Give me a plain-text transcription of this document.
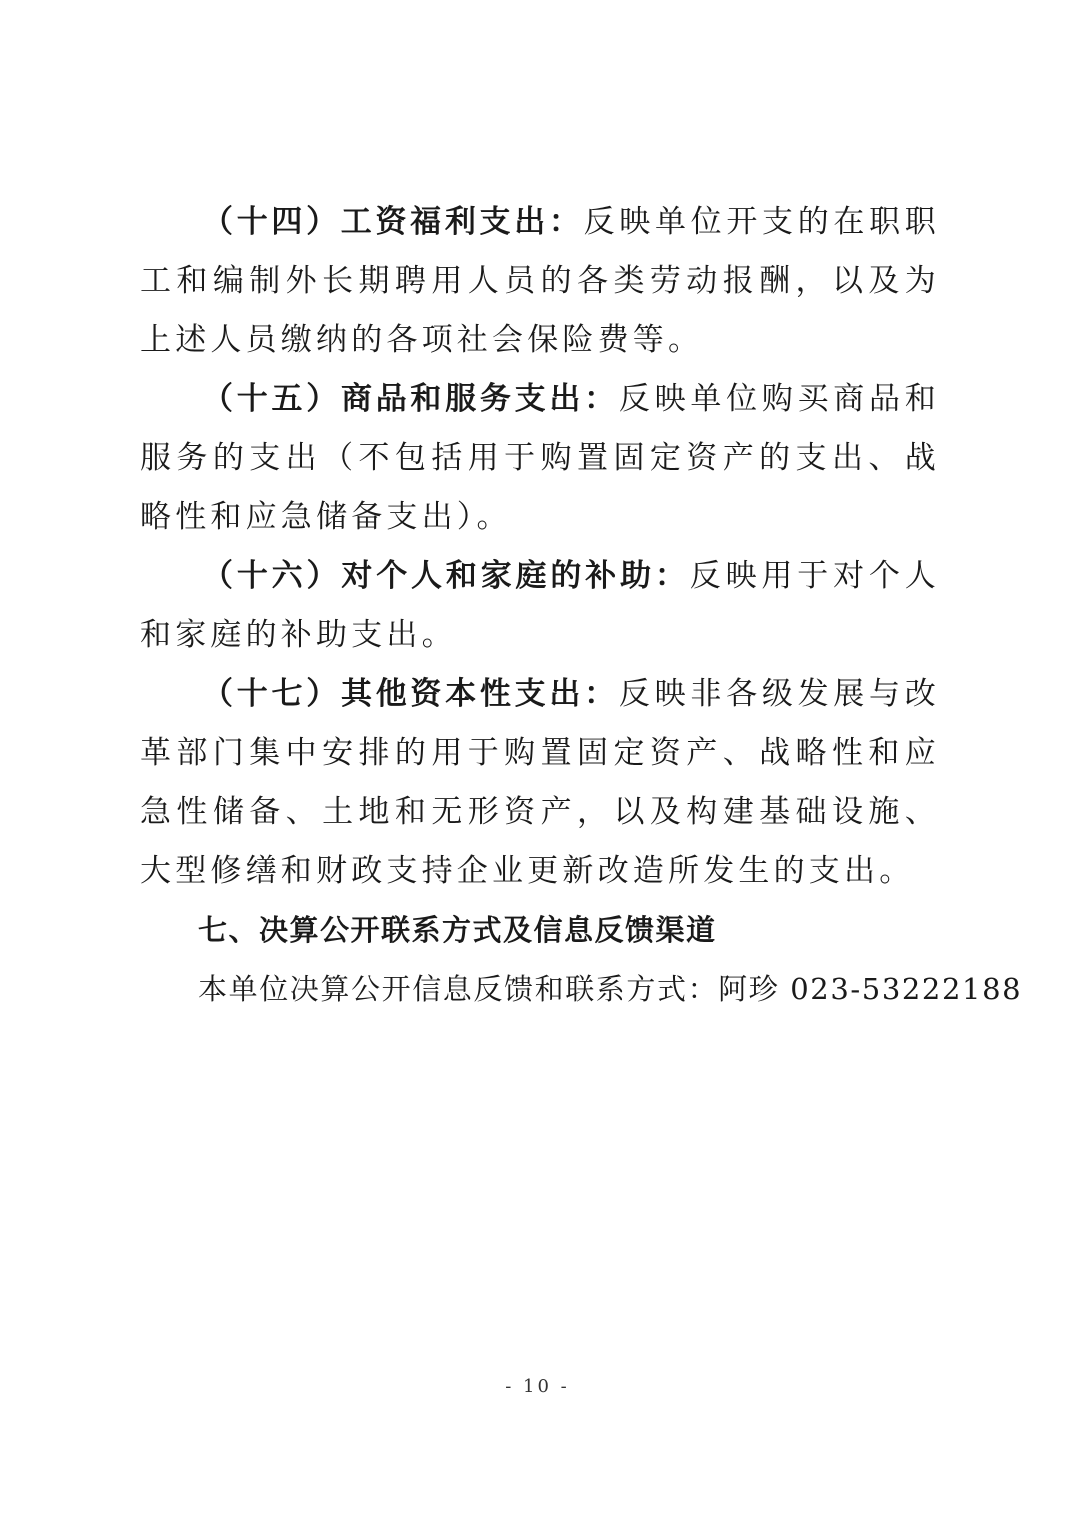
（十四）工资福利支出：反映单位开支的在职职工和编制外长期聘用人员的各类劳动报酬，以及为上述人员缴纳的各项社会保险费等。

（十五）商品和服务支出：反映单位购买商品和服务的支出（不包括用于购置固定资产的支出、战略性和应急储备支出）。

（十六）对个人和家庭的补助：反映用于对个人和家庭的补助支出。

（十七）其他资本性支出：反映非各级发展与改革部门集中安排的用于购置固定资产、战略性和应急性储备、土地和无形资产，以及构建基础设施、大型修缮和财政支持企业更新改造所发生的支出。

七、决算公开联系方式及信息反馈渠道

本单位决算公开信息反馈和联系方式：阿珍 023-53222188

- 10 -
